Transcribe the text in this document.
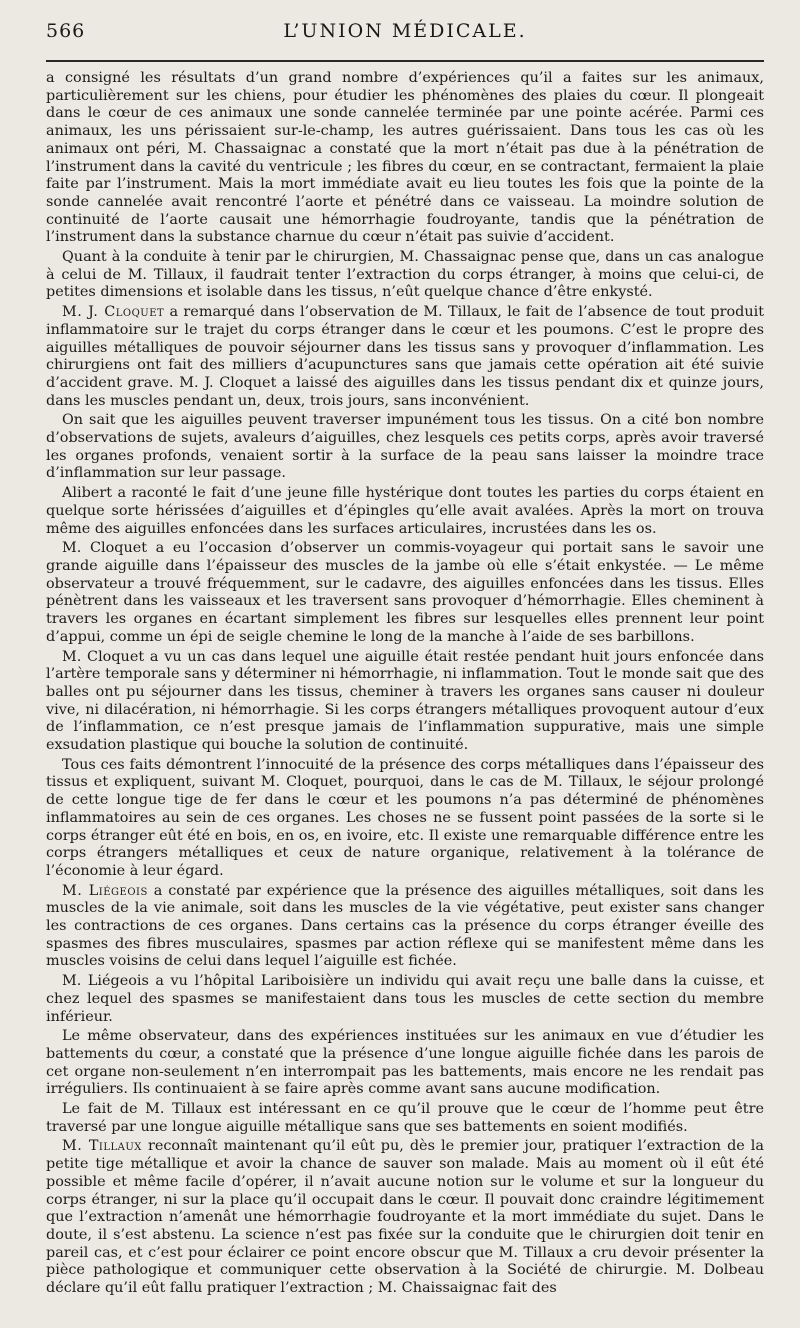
566	L’UNION MÉDICALE.

a consigné les résultats d’un grand nombre d’expériences qu’il a faites sur les animaux, particulièrement sur les chiens, pour étudier les phénomènes des plaies du cœur. Il plongeait dans le cœur de ces animaux une sonde cannelée terminée par une pointe acérée. Parmi ces animaux, les uns périssaient sur-le-champ, les autres guérissaient. Dans tous les cas où les animaux ont péri, M. Chassaignac a constaté que la mort n’était pas due à la pénétration de l’instrument dans la cavité du ventricule ; les fibres du cœur, en se contractant, fermaient la plaie faite par l’instrument. Mais la mort immédiate avait eu lieu toutes les fois que la pointe de la sonde cannelée avait rencontré l’aorte et pénétré dans ce vaisseau. La moindre solution de continuité de l’aorte causait une hémorrhagie foudroyante, tandis que la pénétration de l’instrument dans la substance charnue du cœur n’était pas suivie d’accident.

Quant à la conduite à tenir par le chirurgien, M. Chassaignac pense que, dans un cas analogue à celui de M. Tillaux, il faudrait tenter l’extraction du corps étranger, à moins que celui-ci, de petites dimensions et isolable dans les tissus, n’eût quelque chance d’être enkysté.

M. J. Cloquet a remarqué dans l’observation de M. Tillaux, le fait de l’absence de tout produit inflammatoire sur le trajet du corps étranger dans le cœur et les poumons. C’est le propre des aiguilles métalliques de pouvoir séjourner dans les tissus sans y provoquer d’inflammation. Les chirurgiens ont fait des milliers d’acupunctures sans que jamais cette opération ait été suivie d’accident grave. M. J. Cloquet a laissé des aiguilles dans les tissus pendant dix et quinze jours, dans les muscles pendant un, deux, trois jours, sans inconvénient.

On sait que les aiguilles peuvent traverser impunément tous les tissus. On a cité bon nombre d’observations de sujets, avaleurs d’aiguilles, chez lesquels ces petits corps, après avoir traversé les organes profonds, venaient sortir à la surface de la peau sans laisser la moindre trace d’inflammation sur leur passage.

Alibert a raconté le fait d’une jeune fille hystérique dont toutes les parties du corps étaient en quelque sorte hérissées d’aiguilles et d’épingles qu’elle avait avalées. Après la mort on trouva même des aiguilles enfoncées dans les surfaces articulaires, incrustées dans les os.

M. Cloquet a eu l’occasion d’observer un commis-voyageur qui portait sans le savoir une grande aiguille dans l’épaisseur des muscles de la jambe où elle s’était enkystée. — Le même observateur a trouvé fréquemment, sur le cadavre, des aiguilles enfoncées dans les tissus. Elles pénètrent dans les vaisseaux et les traversent sans provoquer d’hémorrhagie. Elles cheminent à travers les organes en écartant simplement les fibres sur lesquelles elles prennent leur point d’appui, comme un épi de seigle chemine le long de la manche à l’aide de ses barbillons.

M. Cloquet a vu un cas dans lequel une aiguille était restée pendant huit jours enfoncée dans l’artère temporale sans y déterminer ni hémorrhagie, ni inflammation. Tout le monde sait que des balles ont pu séjourner dans les tissus, cheminer à travers les organes sans causer ni douleur vive, ni dilacération, ni hémorrhagie. Si les corps étrangers métalliques provoquent autour d’eux de l’inflammation, ce n’est presque jamais de l’inflammation suppurative, mais une simple exsudation plastique qui bouche la solution de continuité.

Tous ces faits démontrent l’innocuité de la présence des corps métalliques dans l’épaisseur des tissus et expliquent, suivant M. Cloquet, pourquoi, dans le cas de M. Tillaux, le séjour prolongé de cette longue tige de fer dans le cœur et les poumons n’a pas déterminé de phénomènes inflammatoires au sein de ces organes. Les choses ne se fussent point passées de la sorte si le corps étranger eût été en bois, en os, en ivoire, etc. Il existe une remarquable différence entre les corps étrangers métalliques et ceux de nature organique, relativement à la tolérance de l’économie à leur égard.

M. Liégeois a constaté par expérience que la présence des aiguilles métalliques, soit dans les muscles de la vie animale, soit dans les muscles de la vie végétative, peut exister sans changer les contractions de ces organes. Dans certains cas la présence du corps étranger éveille des spasmes des fibres musculaires, spasmes par action réflexe qui se manifestent même dans les muscles voisins de celui dans lequel l’aiguille est fichée.

M. Liégeois a vu l’hôpital Lariboisière un individu qui avait reçu une balle dans la cuisse, et chez lequel des spasmes se manifestaient dans tous les muscles de cette section du membre inférieur.

Le même observateur, dans des expériences instituées sur les animaux en vue d’étudier les battements du cœur, a constaté que la présence d’une longue aiguille fichée dans les parois de cet organe non-seulement n’en interrompait pas les battements, mais encore ne les rendait pas irréguliers. Ils continuaient à se faire après comme avant sans aucune modification.

Le fait de M. Tillaux est intéressant en ce qu’il prouve que le cœur de l’homme peut être traversé par une longue aiguille métallique sans que ses battements en soient modifiés.

M. Tillaux reconnaît maintenant qu’il eût pu, dès le premier jour, pratiquer l’extraction de la petite tige métallique et avoir la chance de sauver son malade. Mais au moment où il eût été possible et même facile d’opérer, il n’avait aucune notion sur le volume et sur la longueur du corps étranger, ni sur la place qu’il occupait dans le cœur. Il pouvait donc craindre légitimement que l’extraction n’amenât une hémorrhagie foudroyante et la mort immédiate du sujet. Dans le doute, il s’est abstenu. La science n’est pas fixée sur la conduite que le chirurgien doit tenir en pareil cas, et c’est pour éclairer ce point encore obscur que M. Tillaux a cru devoir présenter la pièce pathologique et communiquer cette observation à la Société de chirurgie. M. Dolbeau déclare qu’il eût fallu pratiquer l’extraction ; M. Chaissaignac fait des
